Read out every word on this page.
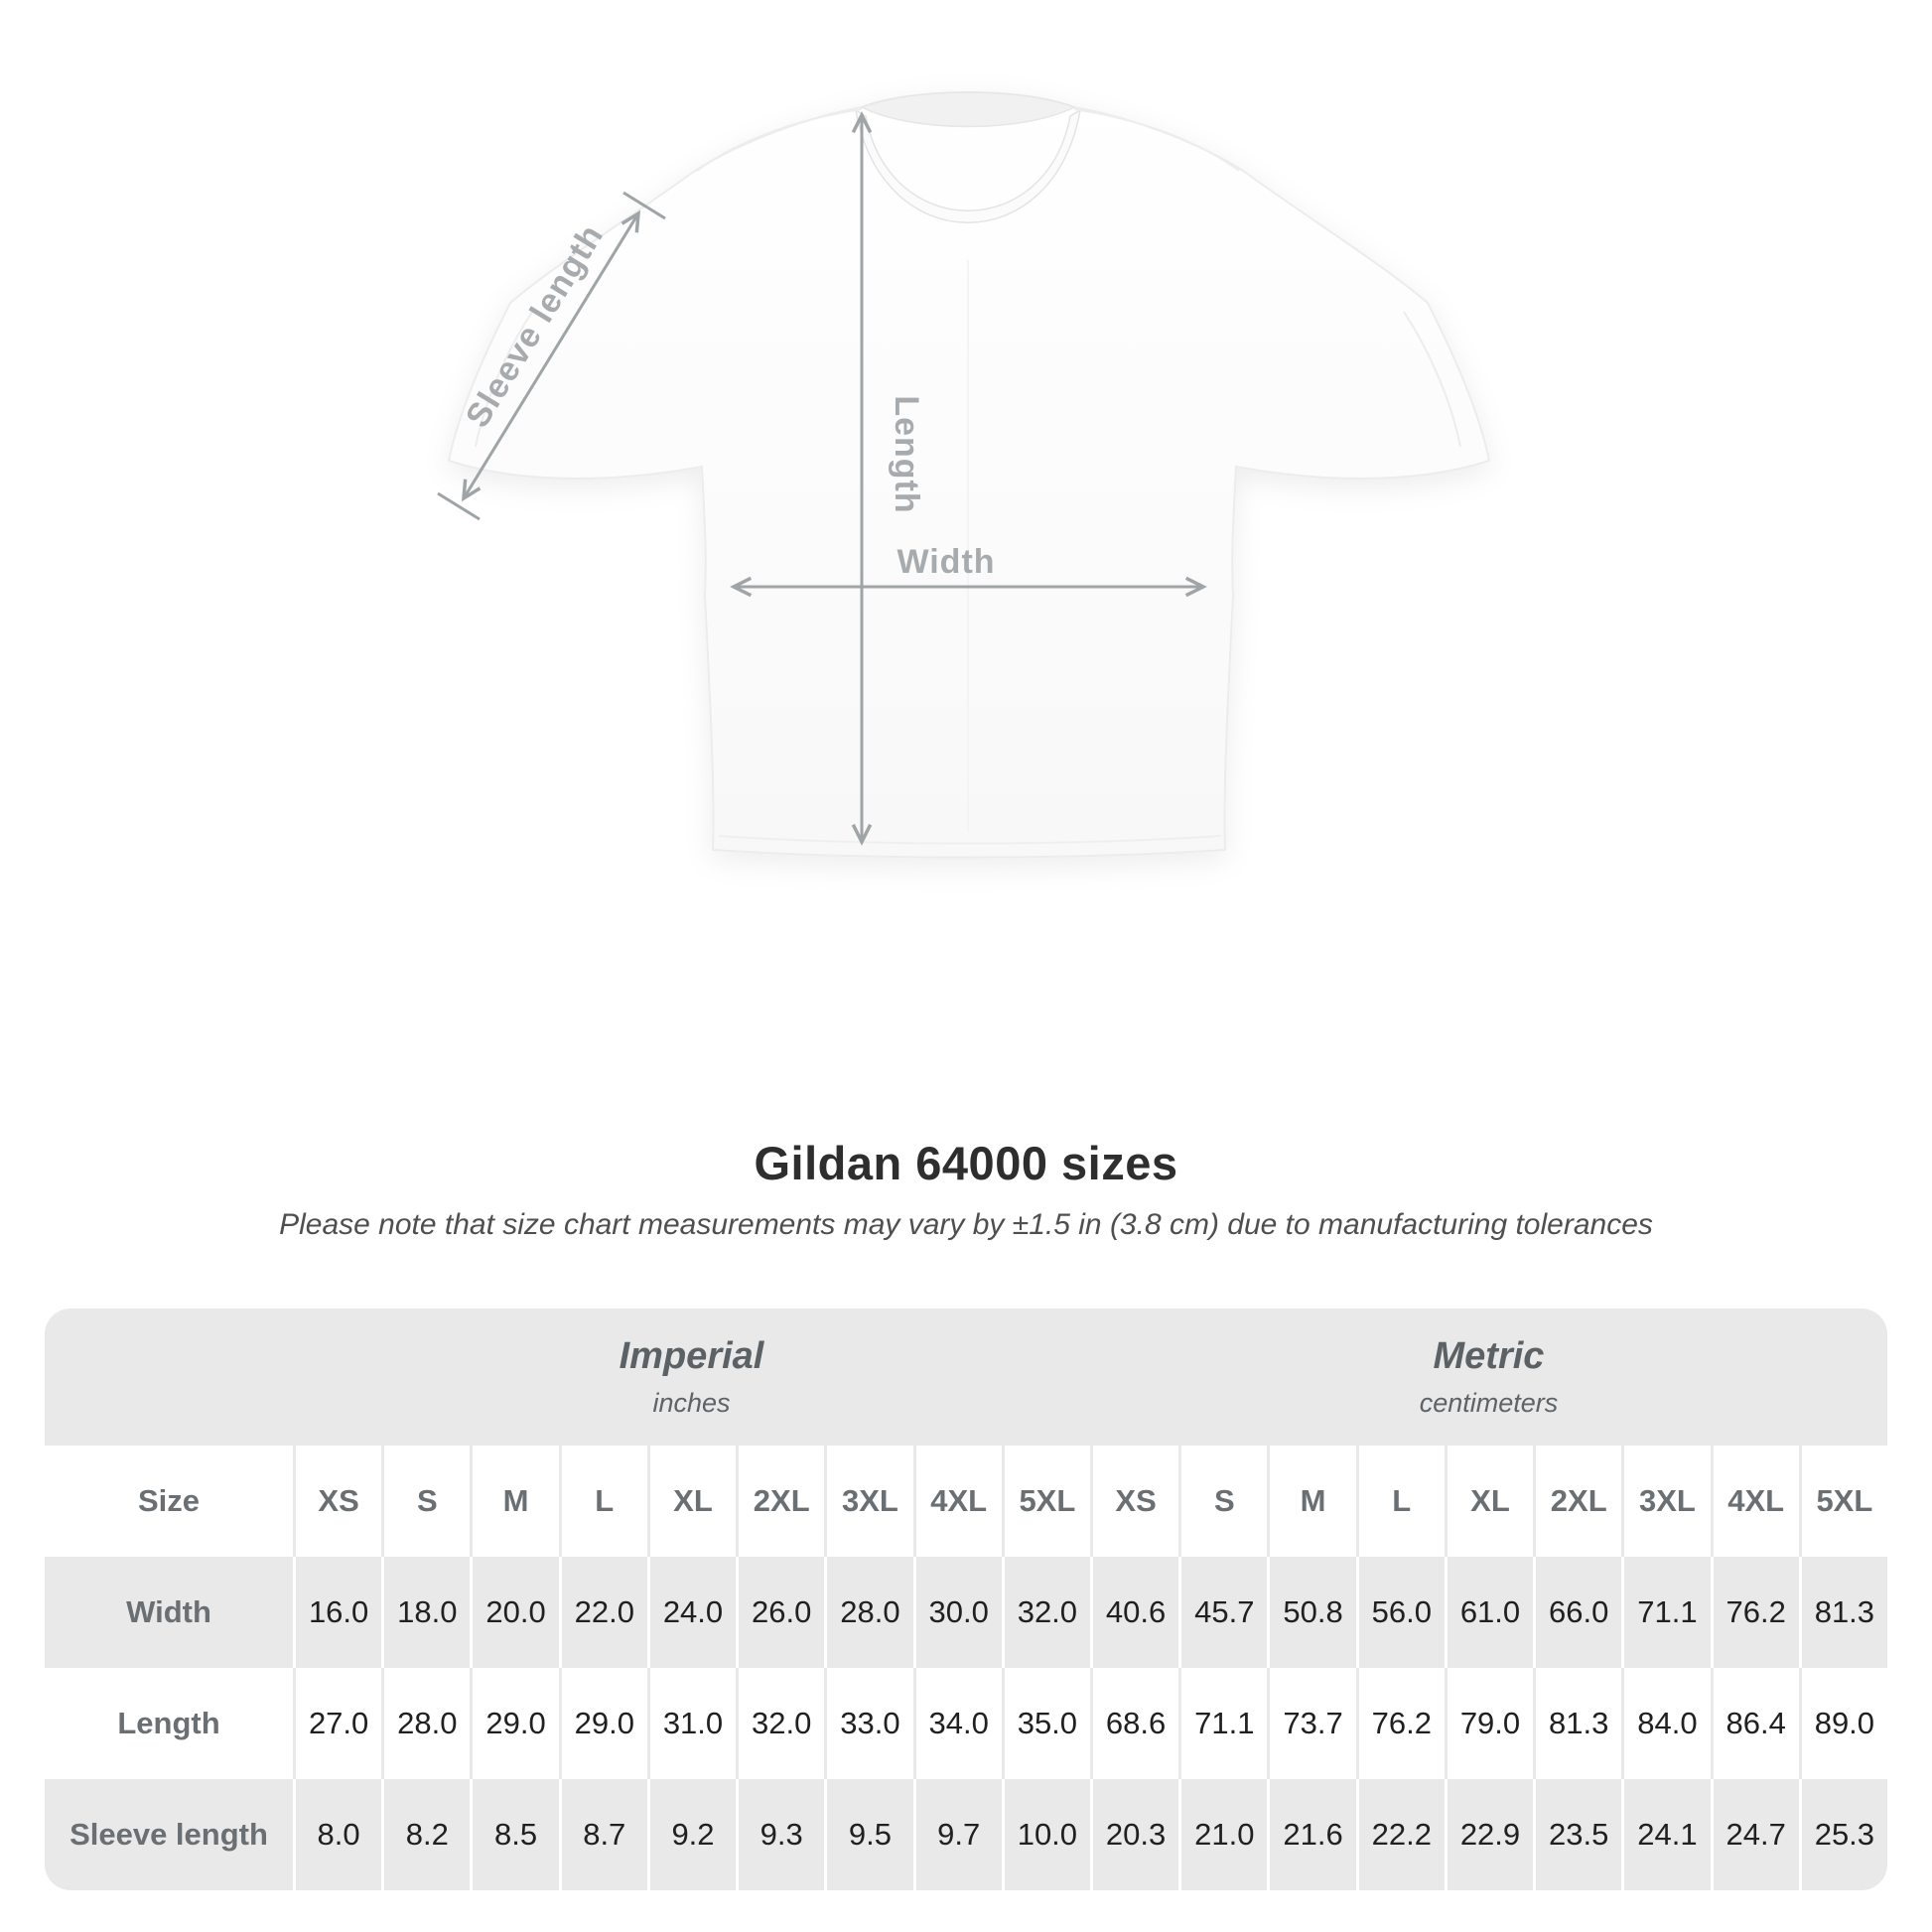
Sleeve length
Length
Width
Gildan 64000 sizes

Please note that size chart measurements may vary by ±1.5 in (3.8 cm) due to manufacturing tolerances

Imperial
inches
Metric
centimeters
Size	XS S M L XL 2XL 3XL 4XL 5XL XS S M L XL 2XL 3XL 4XL 5XL
Width	16.0 18.0 20.0 22.0 24.0 26.0 28.0 30.0 32.0 40.6 45.7 50.8 56.0 61.0 66.0 71.1 76.2 81.3
Length	27.0 28.0 29.0 29.0 31.0 32.0 33.0 34.0 35.0 68.6 71.1 73.7 76.2 79.0 81.3 84.0 86.4 89.0
Sleeve length 8.0 8.2 8.5 8.7 9.2 9.3 9.5 9.7 10.0 20.3 21.0 21.6 22.2 22.9 23.5 24.1 24.7 25.3
